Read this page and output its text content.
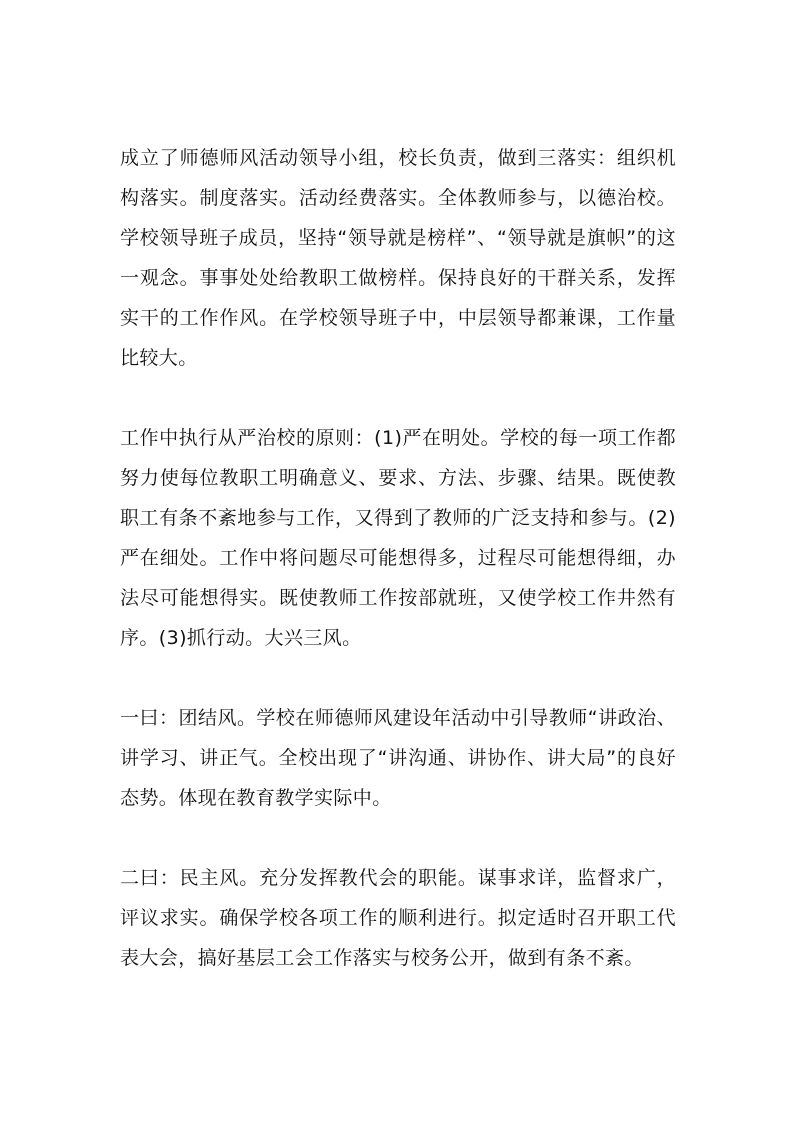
成立了师德师风活动领导小组，校长负责，做到三落实：组织机构落实。制度落实。活动经费落实。全体教师参与，以德治校。学校领导班子成员，坚持“领导就是榜样”、“领导就是旗帜”的这一观念。事事处处给教职工做榜样。保持良好的干群关系，发挥实干的工作作风。在学校领导班子中，中层领导都兼课，工作量比较大。

工作中执行从严治校的原则：(1)严在明处。学校的每一项工作都努力使每位教职工明确意义、要求、方法、步骤、结果。既使教职工有条不紊地参与工作，又得到了教师的广泛支持和参与。(2)严在细处。工作中将问题尽可能想得多，过程尽可能想得细，办法尽可能想得实。既使教师工作按部就班，又使学校工作井然有序。(3)抓行动。大兴三风。

一曰：团结风。学校在师德师风建设年活动中引导教师“讲政治、讲学习、讲正气。全校出现了“讲沟通、讲协作、讲大局”的良好态势。体现在教育教学实际中。

二曰：民主风。充分发挥教代会的职能。谋事求详，监督求广，评议求实。确保学校各项工作的顺利进行。拟定适时召开职工代表大会，搞好基层工会工作落实与校务公开，做到有条不紊。
